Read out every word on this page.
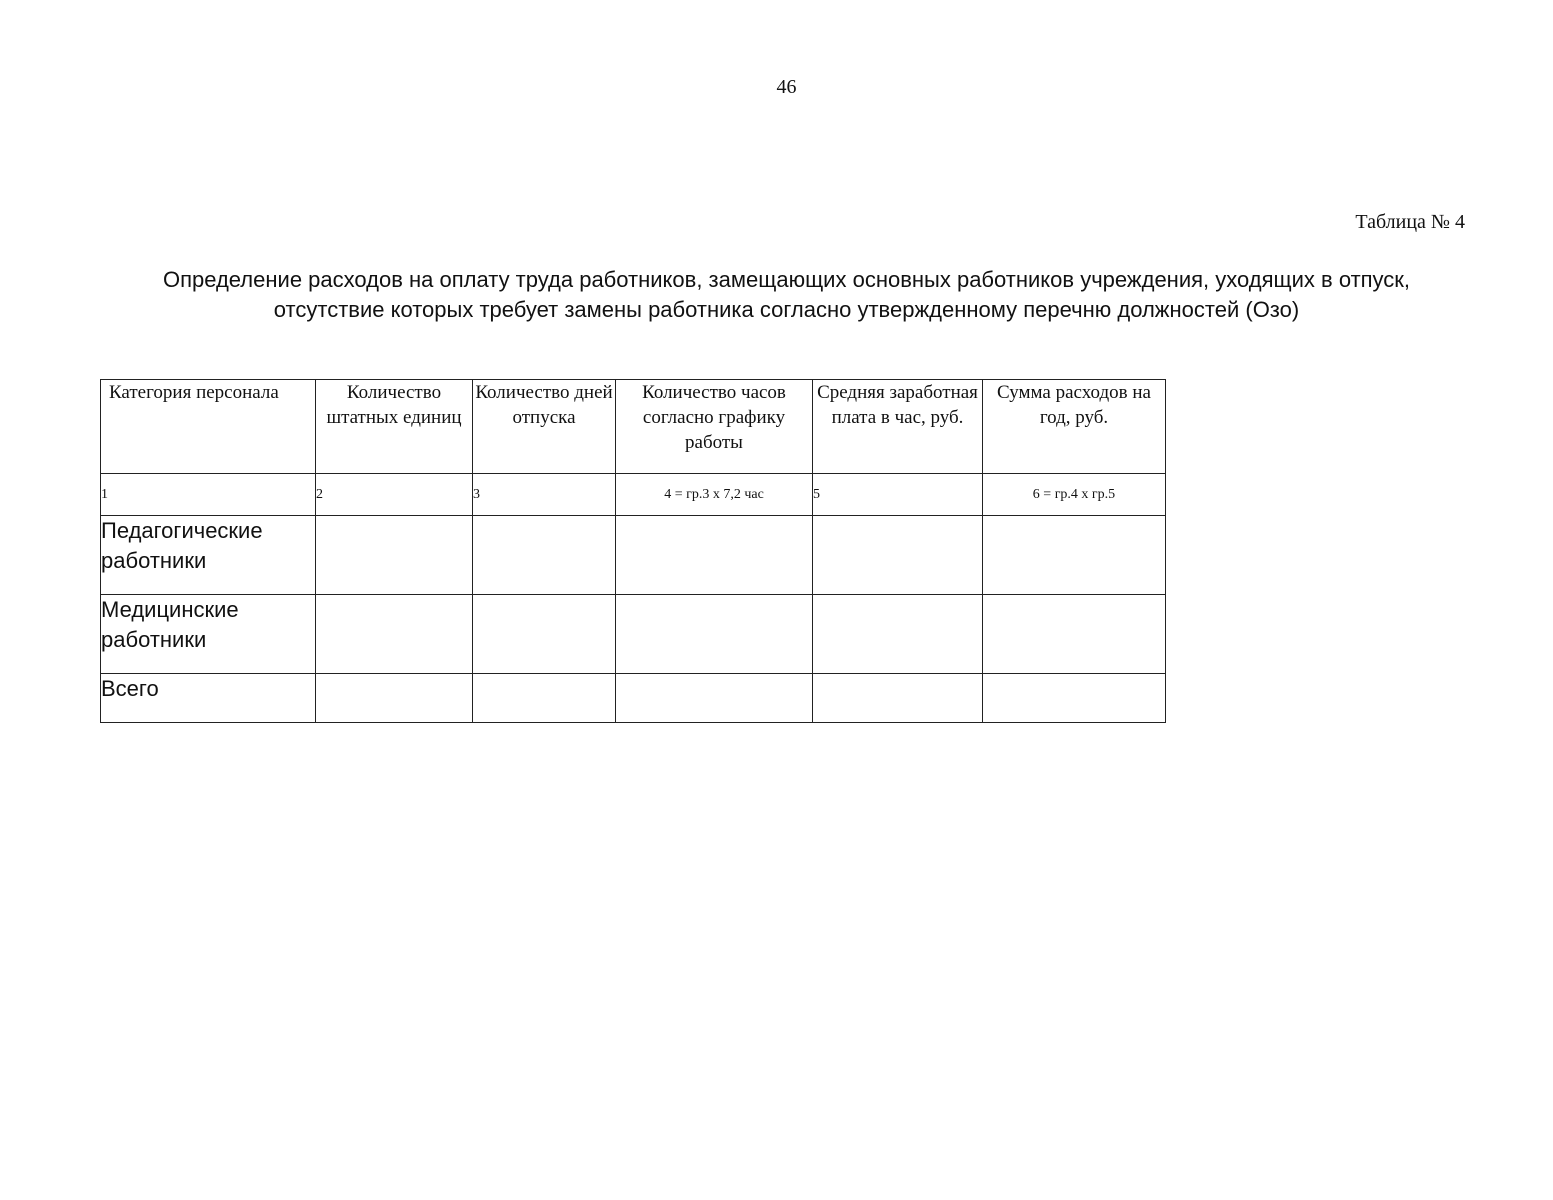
46
Таблица № 4
Определение расходов на оплату труда работников, замещающих основных работников учреждения, уходящих в отпуск,
отсутствие которых требует замены работника согласно утвержденному перечню должностей (Озо)
Категория персонала	Количество штатных единиц	Количество дней отпуска	Количество часов согласно графику работы	Средняя заработная плата в час, руб.	Сумма расходов на год, руб.
1	2	3	4 = гр.3 х 7,2 час	5	6 = гр.4 х гр.5
Педагогические работники					
Медицинские работники					
Всего					
